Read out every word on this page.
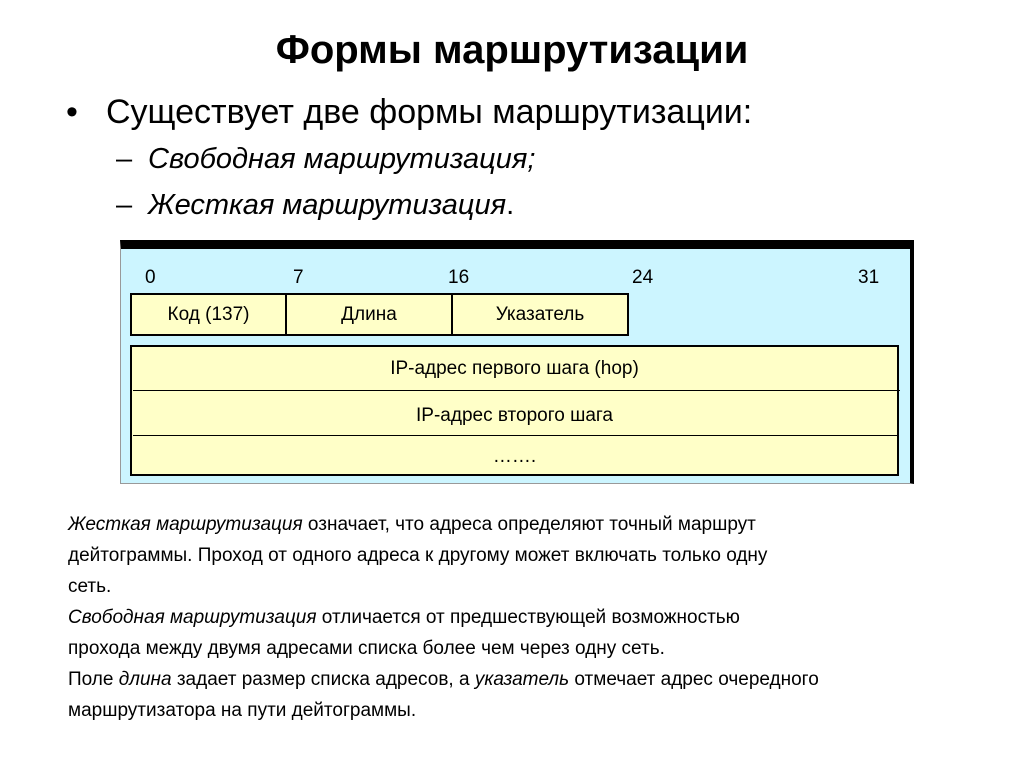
Формы маршрутизации
• Существует две формы маршрутизации:
– Свободная маршрутизация;
– Жесткая маршрутизация.
0	7	16	24	31
Код (137)	Длина	Указатель
IP-адрес первого шага (hop)
IP-адрес второго шага
…….
Жесткая маршрутизация означает, что адреса определяют точный маршрут
дейтограммы. Проход от одного адреса к другому может включать только одну
сеть.
Свободная маршрутизация отличается от предшествующей возможностью
прохода между двумя адресами списка более чем через одну сеть.
Поле длина задает размер списка адресов, а указатель отмечает адрес очередного
маршрутизатора на пути дейтограммы.
